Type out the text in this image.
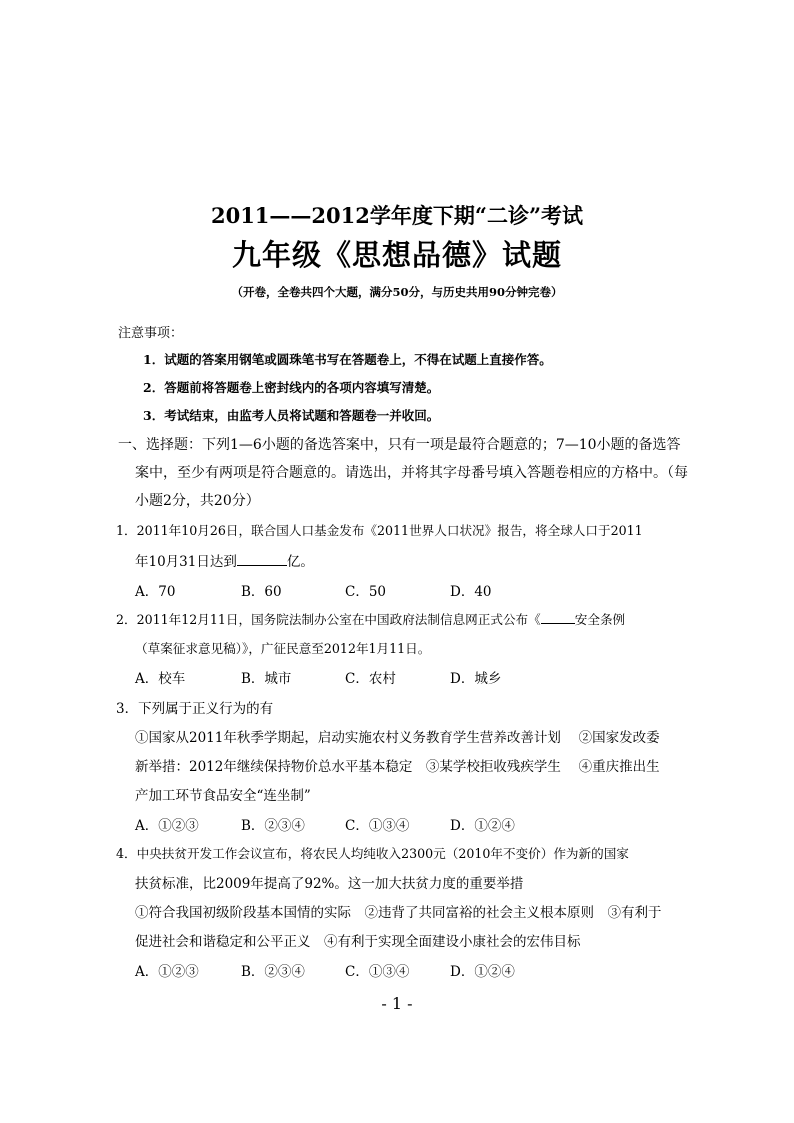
2011——2012学年度下期“二诊”考试
九年级《思想品德》试题
（开卷，全卷共四个大题，满分50分，与历史共用90分钟完卷）
注意事项：
1．试题的答案用钢笔或圆珠笔书写在答题卷上，不得在试题上直接作答。
2．答题前将答题卷上密封线内的各项内容填写清楚。
3．考试结束，由监考人员将试题和答题卷一并收回。
一、选择题：下列1—6小题的备选答案中，只有一项是最符合题意的；7—10小题的备选答
案中，至少有两项是符合题意的。请选出，并将其字母番号填入答题卷相应的方格中。（每
小题2分，共20分）
1．2011年10月26日，联合国人口基金发布《2011世界人口状况》报告，将全球人口于2011
年10月31日达到	亿。
A．70	B．60	C．50	D．40
2．2011年12月11日，国务院法制办公室在中国政府法制信息网正式公布《	安全条例
（草案征求意见稿）》，广征民意至2012年1月11日。
A．校车	B．城市	C．农村	D．城乡
3．下列属于正义行为的有
①国家从2011年秋季学期起，启动实施农村义务教育学生营养改善计划　 ②国家发改委
新举措：2012年继续保持物价总水平基本稳定　③某学校拒收残疾学生　 ④重庆推出生
产加工环节食品安全“连坐制”
A．①②③	B．②③④	C．①③④	D．①②④
4．中央扶贫开发工作会议宣布，将农民人均纯收入2300元（2010年不变价）作为新的国家
扶贫标准，比2009年提高了92%。这一加大扶贫力度的重要举措
①符合我国初级阶段基本国情的实际　②违背了共同富裕的社会主义根本原则　③有利于
促进社会和谐稳定和公平正义　④有利于实现全面建设小康社会的宏伟目标
A．①②③	B．②③④	C．①③④	D．①②④
- 1 -
